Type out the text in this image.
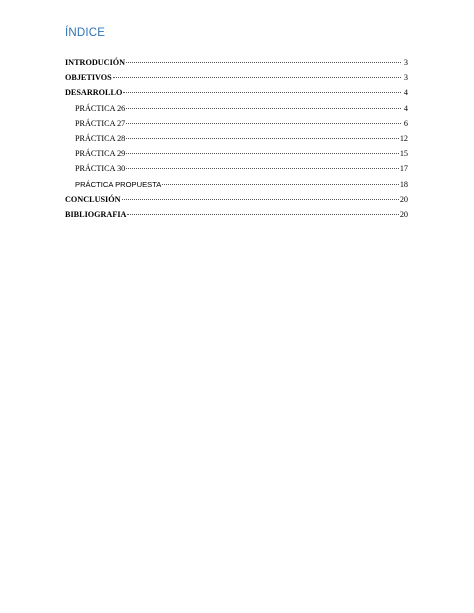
ÍNDICE
INTRODUCIÓN	3
OBJETIVOS	3
DESARROLLO	4
PRÁCTICA 26	4
PRÁCTICA 27	6
PRÁCTICA 28	12
PRÁCTICA 29	15
PRÁCTICA 30	17
PRÁCTICA PROPUESTA	18
CONCLUSIÓN	20
BIBLIOGRAFIA	20
